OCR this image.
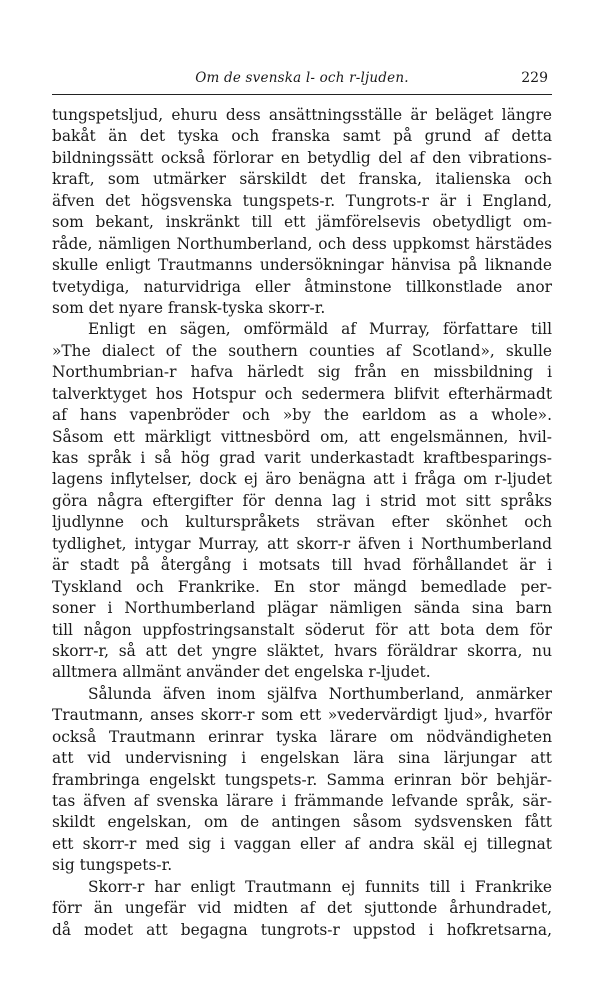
Om de svenska l- och r-ljuden.	229
tungspetsljud, ehuru dess ansättningsställe är beläget längre
bakåt än det tyska och franska samt på grund af detta
bildningssätt också förlorar en betydlig del af den vibrations-
kraft, som utmärker särskildt det franska, italienska och
äfven det högsvenska tungspets-r. Tungrots-r är i England,
som bekant, inskränkt till ett jämförelsevis obetydligt om-
råde, nämligen Northumberland, och dess uppkomst härstädes
skulle enligt Trautmanns undersökningar hänvisa på liknande
tvetydiga, naturvidriga eller åtminstone tillkonstlade anor
som det nyare fransk-tyska skorr-r.
Enligt en sägen, omförmäld af Murray, författare till
»The dialect of the southern counties af Scotland», skulle
Northumbrian-r hafva härledt sig från en missbildning i
talverktyget hos Hotspur och sedermera blifvit efterhärmadt
af hans vapenbröder och »by the earldom as a whole».
Såsom ett märkligt vittnesbörd om, att engelsmännen, hvil-
kas språk i så hög grad varit underkastadt kraftbesparings-
lagens inflytelser, dock ej äro benägna att i fråga om r-ljudet
göra några eftergifter för denna lag i strid mot sitt språks
ljudlynne och kulturspråkets strävan efter skönhet och
tydlighet, intygar Murray, att skorr-r äfven i Northumberland
är stadt på återgång i motsats till hvad förhållandet är i
Tyskland och Frankrike. En stor mängd bemedlade per-
soner i Northumberland plägar nämligen sända sina barn
till någon uppfostringsanstalt söderut för att bota dem för
skorr-r, så att det yngre släktet, hvars föräldrar skorra, nu
alltmera allmänt använder det engelska r-ljudet.
Sålunda äfven inom själfva Northumberland, anmärker
Trautmann, anses skorr-r som ett »vedervärdigt ljud», hvarför
också Trautmann erinrar tyska lärare om nödvändigheten
att vid undervisning i engelskan lära sina lärjungar att
frambringa engelskt tungspets-r. Samma erinran bör behjär-
tas äfven af svenska lärare i främmande lefvande språk, sär-
skildt engelskan, om de antingen såsom sydsvensken fått
ett skorr-r med sig i vaggan eller af andra skäl ej tillegnat
sig tungspets-r.
Skorr-r har enligt Trautmann ej funnits till i Frankrike
förr än ungefär vid midten af det sjuttonde århundradet,
då modet att begagna tungrots-r uppstod i hofkretsarna,
